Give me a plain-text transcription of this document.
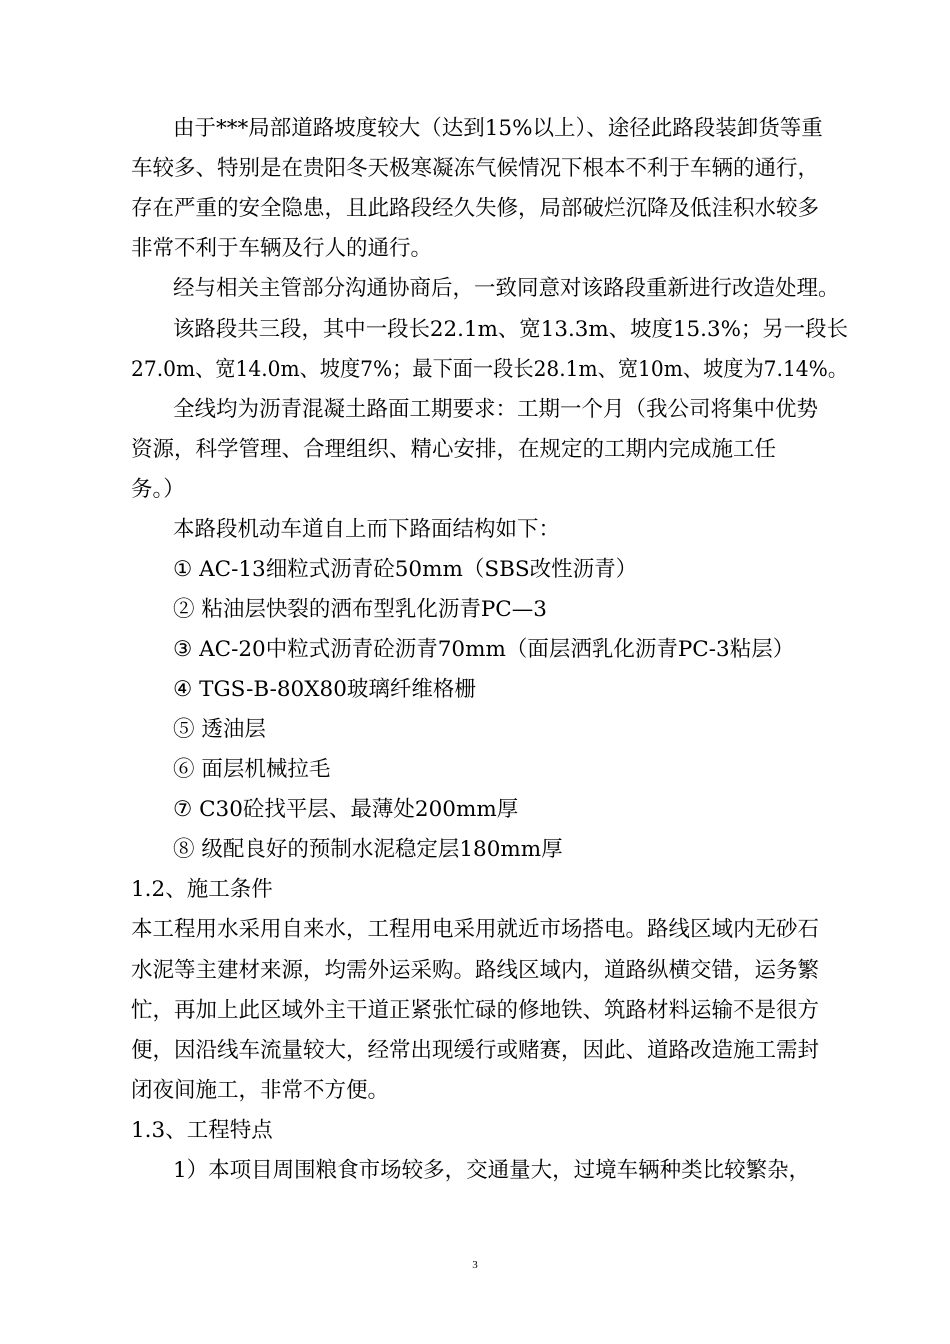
由于***局部道路坡度较大（达到15%以上）、途径此路段装卸货等重

车较多、特别是在贵阳冬天极寒凝冻气候情况下根本不利于车辆的通行，

存在严重的安全隐患，且此路段经久失修，局部破烂沉降及低洼积水较多

非常不利于车辆及行人的通行。

经与相关主管部分沟通协商后，一致同意对该路段重新进行改造处理。

该路段共三段，其中一段长22.1m、宽13.3m、坡度15.3%；另一段长

27.0m、宽14.0m、坡度7%；最下面一段长28.1m、宽10m、坡度为7.14%。

全线均为沥青混凝土路面工期要求：工期一个月（我公司将集中优势

资源，科学管理、合理组织、精心安排，在规定的工期内完成施工任

务。）

本路段机动车道自上而下路面结构如下：

① AC-13细粒式沥青砼50mm（SBS改性沥青）

② 粘油层快裂的洒布型乳化沥青PC—3

③ AC-20中粒式沥青砼沥青70mm（面层洒乳化沥青PC-3粘层）

④ TGS-B-80X80玻璃纤维格栅

⑤ 透油层

⑥ 面层机械拉毛

⑦ C30砼找平层、最薄处200mm厚

⑧ 级配良好的预制水泥稳定层180mm厚

1.2、施工条件

本工程用水采用自来水，工程用电采用就近市场搭电。路线区域内无砂石

水泥等主建材来源，均需外运采购。路线区域内，道路纵横交错，运务繁

忙，再加上此区域外主干道正紧张忙碌的修地铁、筑路材料运输不是很方

便，因沿线车流量较大，经常出现缓行或赌赛，因此、道路改造施工需封

闭夜间施工，非常不方便。

1.3、工程特点

1）本项目周围粮食市场较多，交通量大，过境车辆种类比较繁杂，

3
